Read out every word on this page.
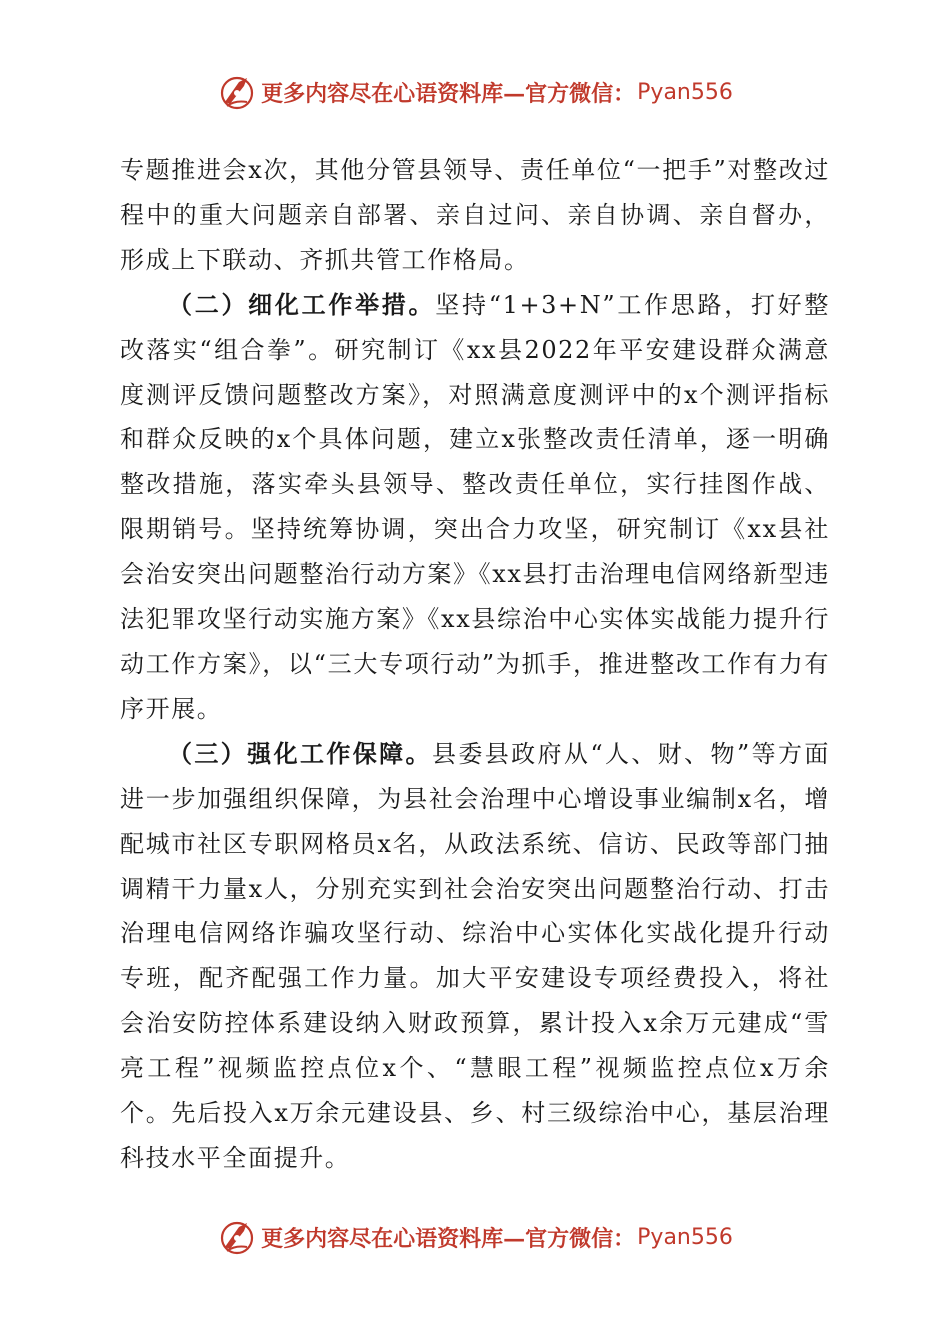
更多内容尽在心语资料库—官方微信： Pyan556

专题推进会x次，其他分管县领导、责任单位“一把手”对整改过程中的重大问题亲自部署、亲自过问、亲自协调、亲自督办，形成上下联动、齐抓共管工作格局。

（二）细化工作举措。坚持“1+3+N”工作思路，打好整改落实“组合拳”。研究制订《xx县2022年平安建设群众满意度测评反馈问题整改方案》，对照满意度测评中的x个测评指标和群众反映的x个具体问题，建立x张整改责任清单，逐一明确整改措施，落实牵头县领导、整改责任单位，实行挂图作战、限期销号。坚持统筹协调，突出合力攻坚，研究制订《xx县社会治安突出问题整治行动方案》《xx县打击治理电信网络新型违法犯罪攻坚行动实施方案》《xx县综治中心实体实战能力提升行动工作方案》，以“三大专项行动”为抓手，推进整改工作有力有序开展。

（三）强化工作保障。县委县政府从“人、财、物”等方面进一步加强组织保障，为县社会治理中心增设事业编制x名，增配城市社区专职网格员x名，从政法系统、信访、民政等部门抽调精干力量x人，分别充实到社会治安突出问题整治行动、打击治理电信网络诈骗攻坚行动、综治中心实体化实战化提升行动专班，配齐配强工作力量。加大平安建设专项经费投入，将社会治安防控体系建设纳入财政预算，累计投入x余万元建成“雪亮工程”视频监控点位x个、“慧眼工程”视频监控点位x万余个。先后投入x万余元建设县、乡、村三级综治中心，基层治理科技水平全面提升。

更多内容尽在心语资料库—官方微信： Pyan556
